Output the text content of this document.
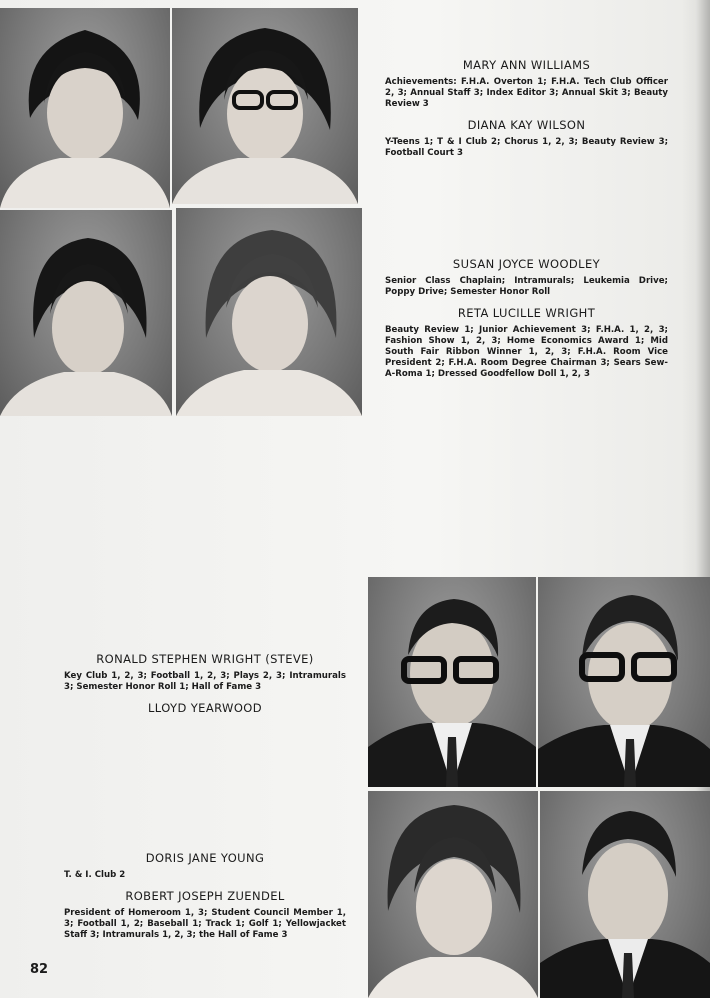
MARY ANN WILLIAMS
Achievements: F.H.A. Overton 1; F.H.A. Tech Club Officer 2, 3; Annual Staff 3; Index Editor 3; Annual Skit 3; Beauty Review 3
DIANA KAY WILSON
Y-Teens 1; T & I Club 2; Chorus 1, 2, 3; Beauty Review 3; Football Court 3
SUSAN JOYCE WOODLEY
Senior Class Chaplain; Intramurals; Leukemia Drive; Poppy Drive; Semester Honor Roll
RETA LUCILLE WRIGHT
Beauty Review 1; Junior Achievement 3; F.H.A. 1, 2, 3; Fashion Show 1, 2, 3; Home Economics Award 1; Mid South Fair Ribbon Winner 1, 2, 3; F.H.A. Room Vice President 2; F.H.A. Room Degree Chairman 3; Sears Sew-A-Roma 1; Dressed Goodfellow Doll 1, 2, 3
RONALD STEPHEN WRIGHT (STEVE)
Key Club 1, 2, 3; Football 1, 2, 3; Plays 2, 3; Intramurals 3; Semester Honor Roll 1; Hall of Fame 3
LLOYD YEARWOOD
DORIS JANE YOUNG
T. & I. Club 2
ROBERT JOSEPH ZUENDEL
President of Homeroom 1, 3; Student Council Member 1, 3; Football 1, 2; Baseball 1; Track 1; Golf 1; Yellowjacket Staff 3; Intramurals 1, 2, 3; the Hall of Fame 3
82
